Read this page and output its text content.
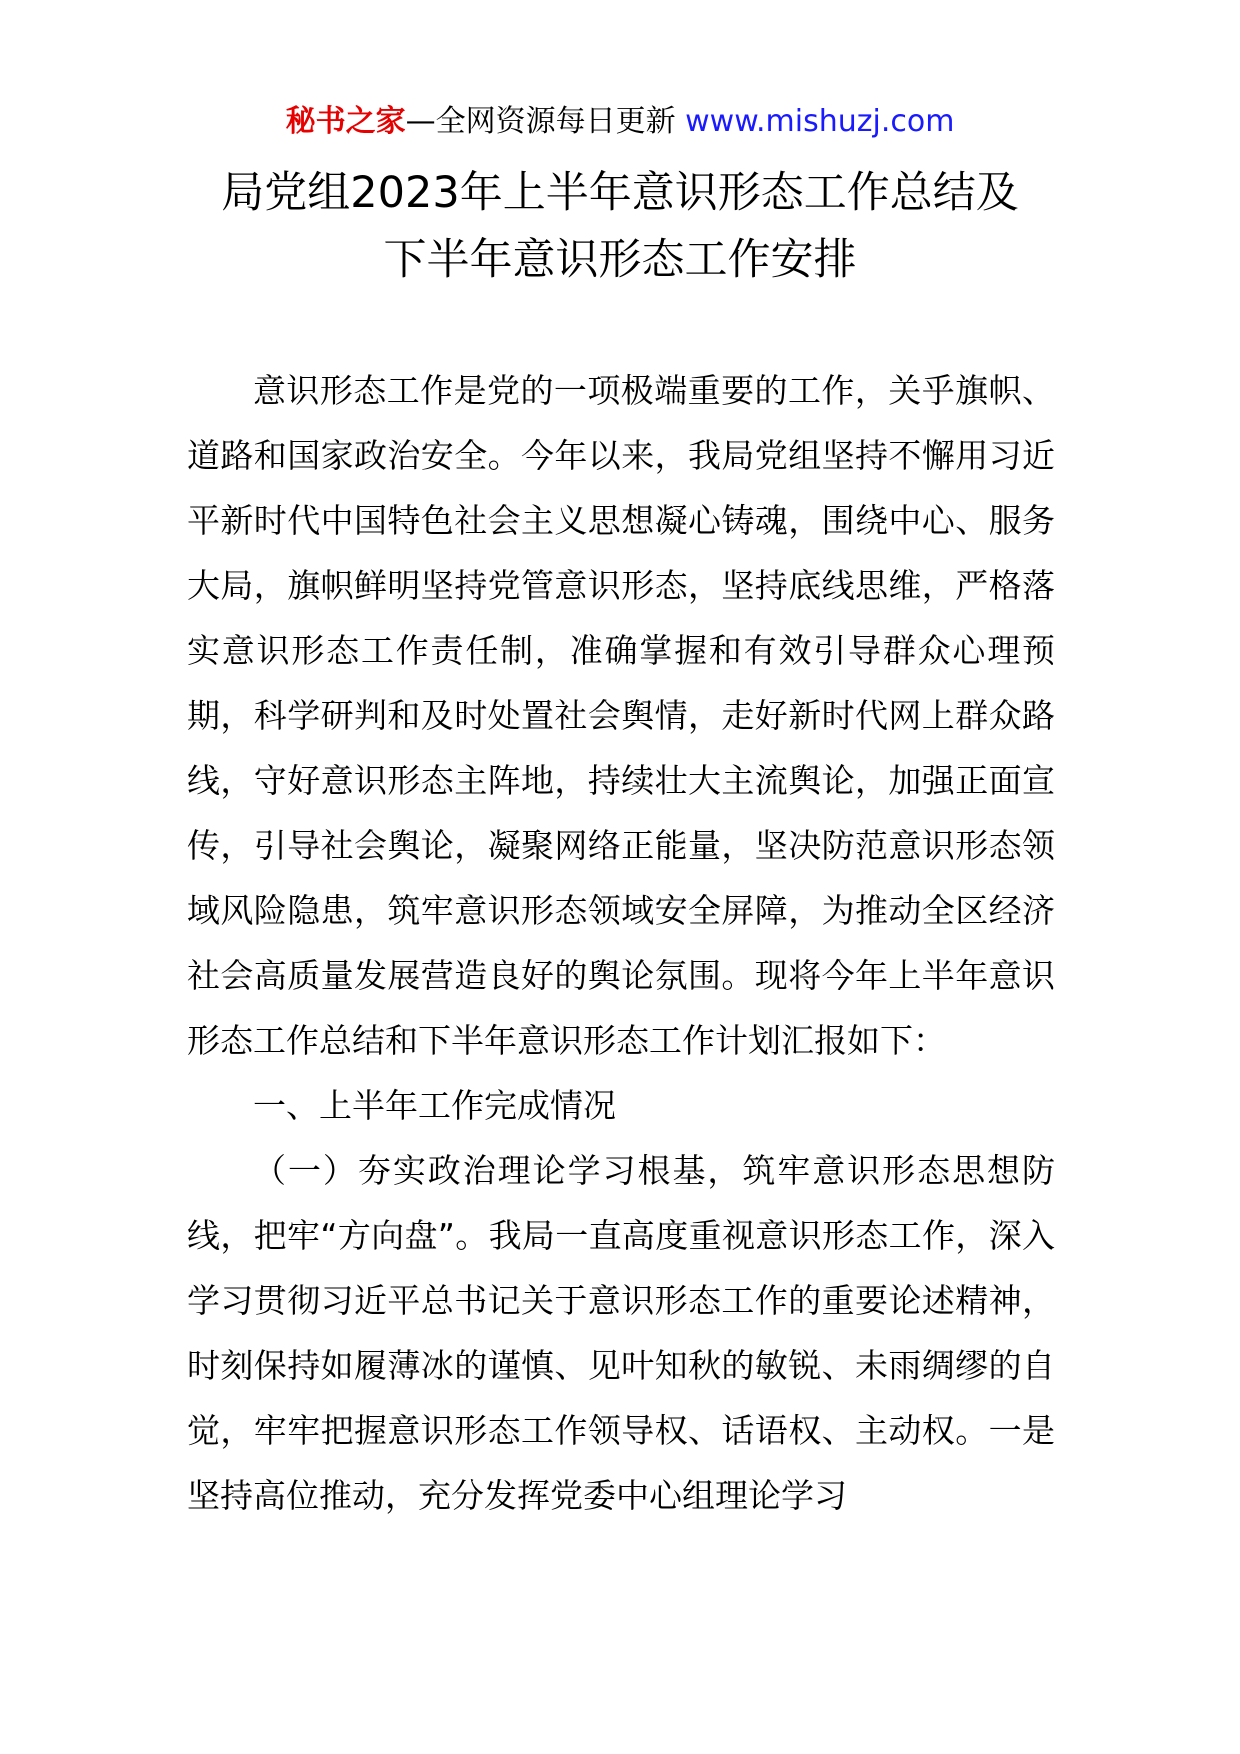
秘书之家—全网资源每日更新 www.mishuzj.com
局党组2023年上半年意识形态工作总结及
下半年意识形态工作安排

意识形态工作是党的一项极端重要的工作，关乎旗帜、道路和国家政治安全。今年以来，我局党组坚持不懈用习近平新时代中国特色社会主义思想凝心铸魂，围绕中心、服务大局，旗帜鲜明坚持党管意识形态，坚持底线思维，严格落实意识形态工作责任制，准确掌握和有效引导群众心理预期，科学研判和及时处置社会舆情，走好新时代网上群众路线，守好意识形态主阵地，持续壮大主流舆论，加强正面宣传，引导社会舆论，凝聚网络正能量，坚决防范意识形态领域风险隐患，筑牢意识形态领域安全屏障，为推动全区经济社会高质量发展营造良好的舆论氛围。现将今年上半年意识形态工作总结和下半年意识形态工作计划汇报如下：

一、上半年工作完成情况

（一）夯实政治理论学习根基，筑牢意识形态思想防线，把牢“方向盘”。我局一直高度重视意识形态工作，深入学习贯彻习近平总书记关于意识形态工作的重要论述精神，时刻保持如履薄冰的谨慎、见叶知秋的敏锐、未雨绸缪的自觉，牢牢把握意识形态工作领导权、话语权、主动权。一是坚持高位推动，充分发挥党委中心组理论学习
